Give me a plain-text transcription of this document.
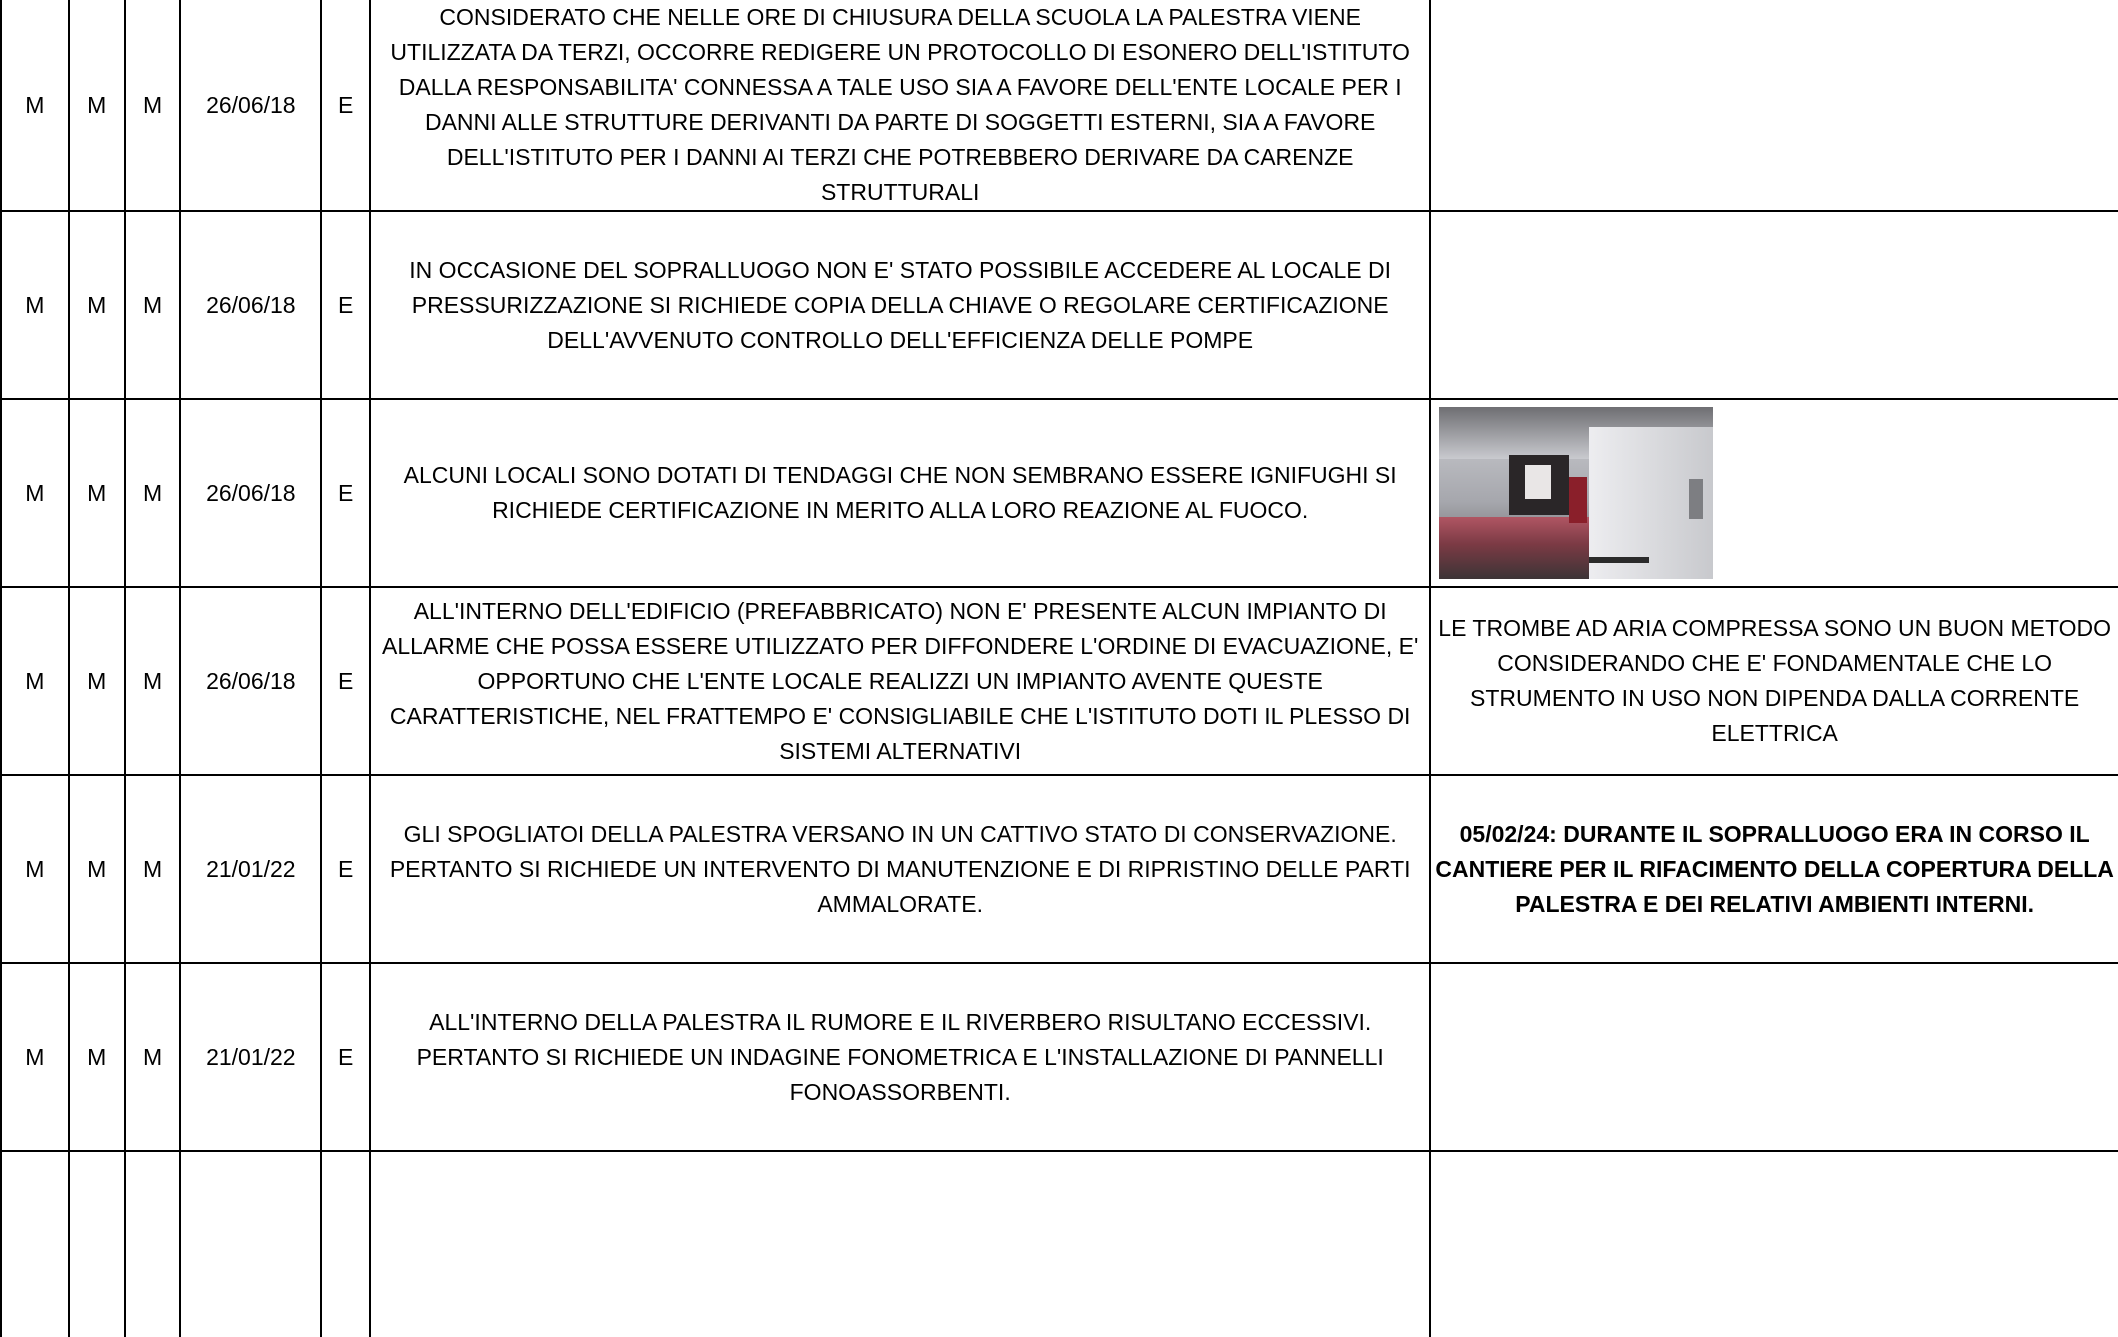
M	M	M	26/06/18	E	CONSIDERATO CHE NELLE ORE DI CHIUSURA DELLA SCUOLA LA PALESTRA VIENE UTILIZZATA DA TERZI, OCCORRE REDIGERE UN PROTOCOLLO DI ESONERO DELL'ISTITUTO DALLA RESPONSABILITA' CONNESSA A TALE USO SIA A FAVORE DELL'ENTE LOCALE PER I DANNI ALLE STRUTTURE DERIVANTI DA PARTE DI SOGGETTI ESTERNI, SIA A FAVORE DELL'ISTITUTO PER I DANNI AI TERZI CHE POTREBBERO DERIVARE DA CARENZE STRUTTURALI	
M	M	M	26/06/18	E	IN OCCASIONE DEL SOPRALLUOGO NON E' STATO POSSIBILE ACCEDERE AL LOCALE DI PRESSURIZZAZIONE SI RICHIEDE COPIA DELLA CHIAVE O REGOLARE CERTIFICAZIONE DELL'AVVENUTO CONTROLLO DELL'EFFICIENZA DELLE POMPE	
M	M	M	26/06/18	E	ALCUNI LOCALI SONO DOTATI DI TENDAGGI CHE NON SEMBRANO ESSERE IGNIFUGHI SI RICHIEDE CERTIFICAZIONE IN MERITO ALLA LORO REAZIONE AL FUOCO.	

M	M	M	26/06/18	E	ALL'INTERNO DELL'EDIFICIO (PREFABBRICATO) NON E' PRESENTE ALCUN IMPIANTO DI ALLARME CHE POSSA ESSERE UTILIZZATO PER DIFFONDERE L'ORDINE DI EVACUAZIONE, E' OPPORTUNO CHE L'ENTE LOCALE REALIZZI UN IMPIANTO AVENTE QUESTE CARATTERISTICHE, NEL FRATTEMPO E' CONSIGLIABILE CHE L'ISTITUTO DOTI IL PLESSO DI SISTEMI ALTERNATIVI	LE TROMBE AD ARIA COMPRESSA SONO UN BUON METODO CONSIDERANDO CHE E' FONDAMENTALE CHE LO STRUMENTO IN USO NON DIPENDA DALLA CORRENTE ELETTRICA
M	M	M	21/01/22	E	GLI SPOGLIATOI DELLA PALESTRA VERSANO IN UN CATTIVO STATO DI CONSERVAZIONE. PERTANTO SI RICHIEDE UN INTERVENTO DI MANUTENZIONE E DI RIPRISTINO DELLE PARTI AMMALORATE.	05/02/24: DURANTE IL SOPRALLUOGO ERA IN CORSO IL CANTIERE PER IL RIFACIMENTO DELLA COPERTURA DELLA PALESTRA E DEI RELATIVI AMBIENTI INTERNI.
M	M	M	21/01/22	E	ALL'INTERNO DELLA PALESTRA IL RUMORE E IL RIVERBERO RISULTANO ECCESSIVI. PERTANTO SI RICHIEDE UN INDAGINE FONOMETRICA E L'INSTALLAZIONE DI PANNELLI FONOASSORBENTI.	
